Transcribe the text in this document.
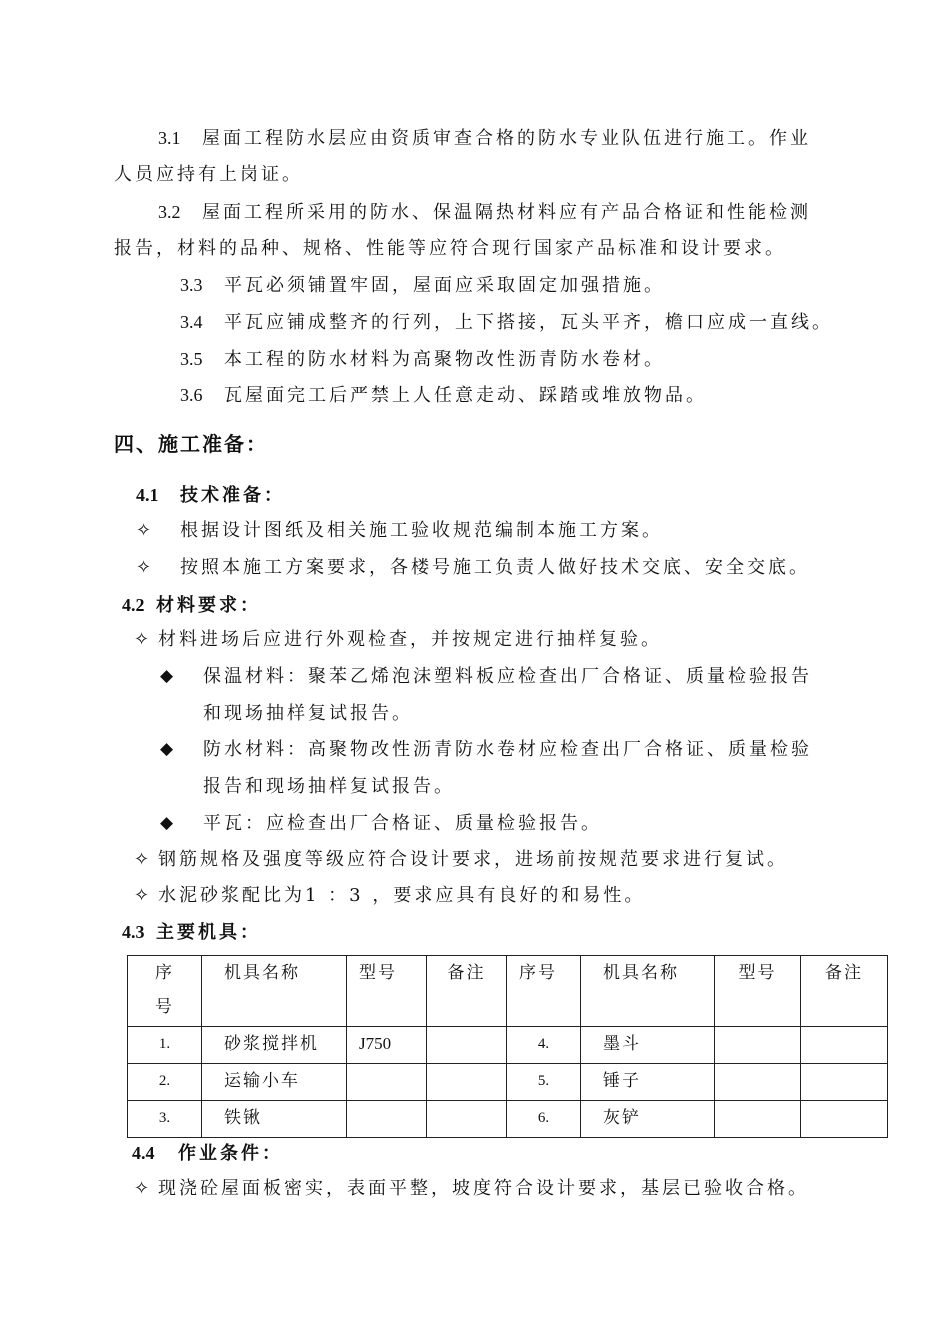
3.1 屋面工程防水层应由资质审查合格的防水专业队伍进行施工。作业
人员应持有上岗证。
3.2 屋面工程所采用的防水、保温隔热材料应有产品合格证和性能检测
报告，材料的品种、规格、性能等应符合现行国家产品标准和设计要求。
3.3 平瓦必须铺置牢固，屋面应采取固定加强措施。
3.4 平瓦应铺成整齐的行列，上下搭接，瓦头平齐，檐口应成一直线。
3.5 本工程的防水材料为高聚物改性沥青防水卷材。
3.6 瓦屋面完工后严禁上人任意走动、踩踏或堆放物品。
四、施工准备：
4.1 技术准备：
✧ 根据设计图纸及相关施工验收规范编制本施工方案。
✧ 按照本施工方案要求，各楼号施工负责人做好技术交底、安全交底。
4.2 材料要求：
✧ 材料进场后应进行外观检查，并按规定进行抽样复验。
◆ 保温材料：聚苯乙烯泡沫塑料板应检查出厂合格证、质量检验报告
和现场抽样复试报告。
◆ 防水材料：高聚物改性沥青防水卷材应检查出厂合格证、质量检验
报告和现场抽样复试报告。
◆ 平瓦：应检查出厂合格证、质量检验报告。
✧ 钢筋规格及强度等级应符合设计要求，进场前按规范要求进行复试。
✧ 水泥砂浆配比为1 ：3 ，要求应具有良好的和易性。
4.3 主要机具：
序
号	机具名称	型号	备注	序号	机具名称	型号	备注
1.	砂浆搅拌机	J750		4.	墨斗		
2.	运输小车			5.	锤子		
3.	铁锹			6.	灰铲		
4.4 作业条件：
✧ 现浇砼屋面板密实，表面平整，坡度符合设计要求，基层已验收合格。
